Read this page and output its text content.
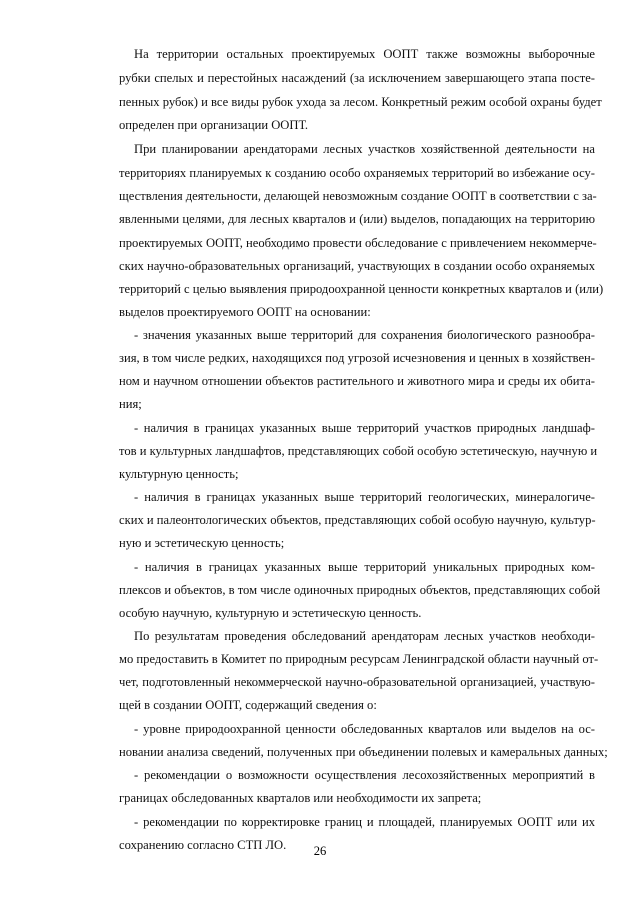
На территории остальных проектируемых ООПТ также возможны выборочные
рубки спелых и перестойных насаждений (за исключением завершающего этапа посте-
пенных рубок) и все виды рубок ухода за лесом. Конкретный режим особой охраны будет
определен при организации ООПТ.
При планировании арендаторами лесных участков хозяйственной деятельности на
территориях планируемых к созданию особо охраняемых территорий во избежание осу-
ществления деятельности, делающей невозможным создание ООПТ в соответствии с за-
явленными целями, для лесных кварталов и (или) выделов, попадающих на территорию
проектируемых ООПТ, необходимо провести обследование с привлечением некоммерче-
ских научно-образовательных организаций, участвующих в создании особо охраняемых
территорий с целью выявления природоохранной ценности конкретных кварталов и (или)
выделов проектируемого ООПТ на основании:
- значения указанных выше территорий для сохранения биологического разнообра-
зия, в том числе редких, находящихся под угрозой исчезновения и ценных в хозяйствен-
ном и научном отношении объектов растительного и животного мира и среды их обита-
ния;
- наличия в границах указанных выше территорий участков природных ландшаф-
тов и культурных ландшафтов, представляющих собой особую эстетическую, научную и
культурную ценность;
- наличия в границах указанных выше территорий геологических, минералогиче-
ских и палеонтологических объектов, представляющих собой особую научную, культур-
ную и эстетическую ценность;
- наличия в границах указанных выше территорий уникальных природных ком-
плексов и объектов, в том числе одиночных природных объектов, представляющих собой
особую научную, культурную и эстетическую ценность.
По результатам проведения обследований арендаторам лесных участков необходи-
мо предоставить в Комитет по природным ресурсам Ленинградской области научный от-
чет, подготовленный некоммерческой научно-образовательной организацией, участвую-
щей в создании ООПТ, содержащий сведения о:
- уровне природоохранной ценности обследованных кварталов или выделов на ос-
новании анализа сведений, полученных при объединении полевых и камеральных данных;
- рекомендации о возможности осуществления лесохозяйственных мероприятий в
границах обследованных кварталов или необходимости их запрета;
- рекомендации по корректировке границ и площадей, планируемых ООПТ или их
сохранению согласно СТП ЛО.	26
